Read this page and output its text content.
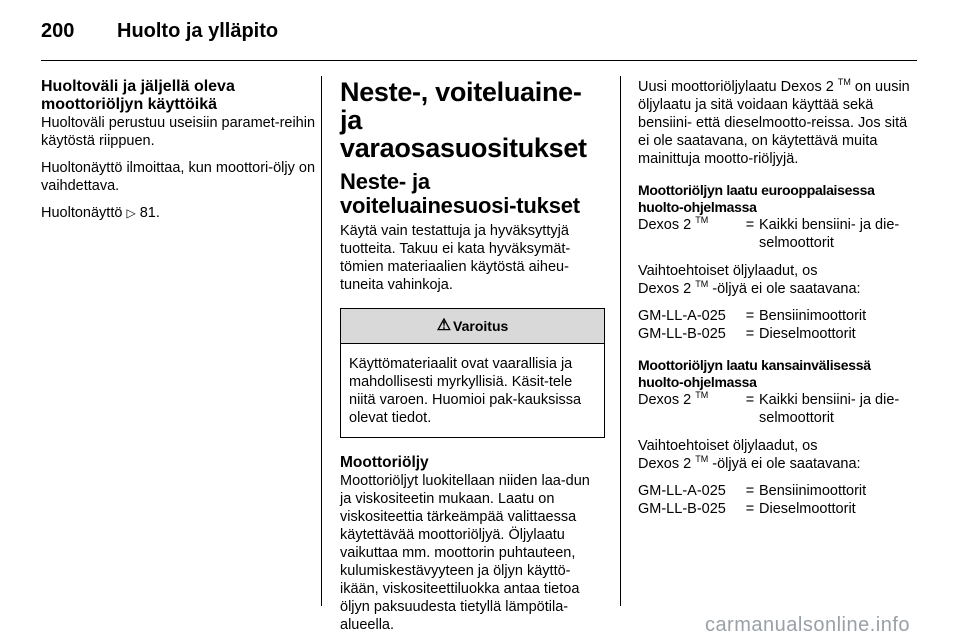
200 Huolto ja ylläpito
Huoltoväli ja jäljellä oleva moottoriöljyn käyttöikä

Huoltoväli perustuu useisiin paramet-reihin käytöstä riippuen.

Huoltonäyttö ilmoittaa, kun moottori-öljy on vaihdettava.

Huoltonäyttö ▷ 81.

Neste-, voiteluaine- ja varaosasuositukset
Neste- ja voiteluainesuosi-tukset

Käytä vain testattuja ja hyväksyttyjä tuotteita. Takuu ei kata hyväksymät-tömien materiaalien käytöstä aiheu-tuneita vahinkoja.

⚠ Varoitus
Käyttömateriaalit ovat vaarallisia ja mahdollisesti myrkyllisiä. Käsit-tele niitä varoen. Huomioi pak-kauksissa olevat tiedot.
Moottoriöljy

Moottoriöljyt luokitellaan niiden laa-dun ja viskositeetin mukaan. Laatu on viskositeettia tärkeämpää valittaessa käytettävää moottoriöljyä. Öljylaatu vaikuttaa mm. moottorin puhtauteen, kulumiskestävyyteen ja öljyn käyttö-ikään, viskositeettiluokka antaa tietoa öljyn paksuudesta tietyllä lämpötila-alueella.

Uusi moottoriöljylaatu Dexos 2 ™ on uusin öljylaatu ja sitä voidaan käyttää sekä bensiini- että dieselmootto-reissa. Jos sitä ei ole saatavana, on käytettävä muita mainittuja mootto-riöljyjä.

Moottoriöljyn laatu eurooppalaisessa huolto-ohjelmassa
Dexos 2 ™	= Kaikki bensiini- ja die-selmoottorit
Vaihtoehtoiset öljylaadut, os
Dexos 2 ™ -öljyä ei ole saatavana:
GM-LL-A-025	= Bensiinimoottorit
GM-LL-B-025	= Dieselmoottorit
Moottoriöljyn laatu kansainvälisessä huolto-ohjelmassa
Dexos 2 ™	= Kaikki bensiini- ja die-selmoottorit
Vaihtoehtoiset öljylaadut, os
Dexos 2 ™ -öljyä ei ole saatavana:
GM-LL-A-025	= Bensiinimoottorit
GM-LL-B-025	= Dieselmoottorit
carmanualsonline.info
